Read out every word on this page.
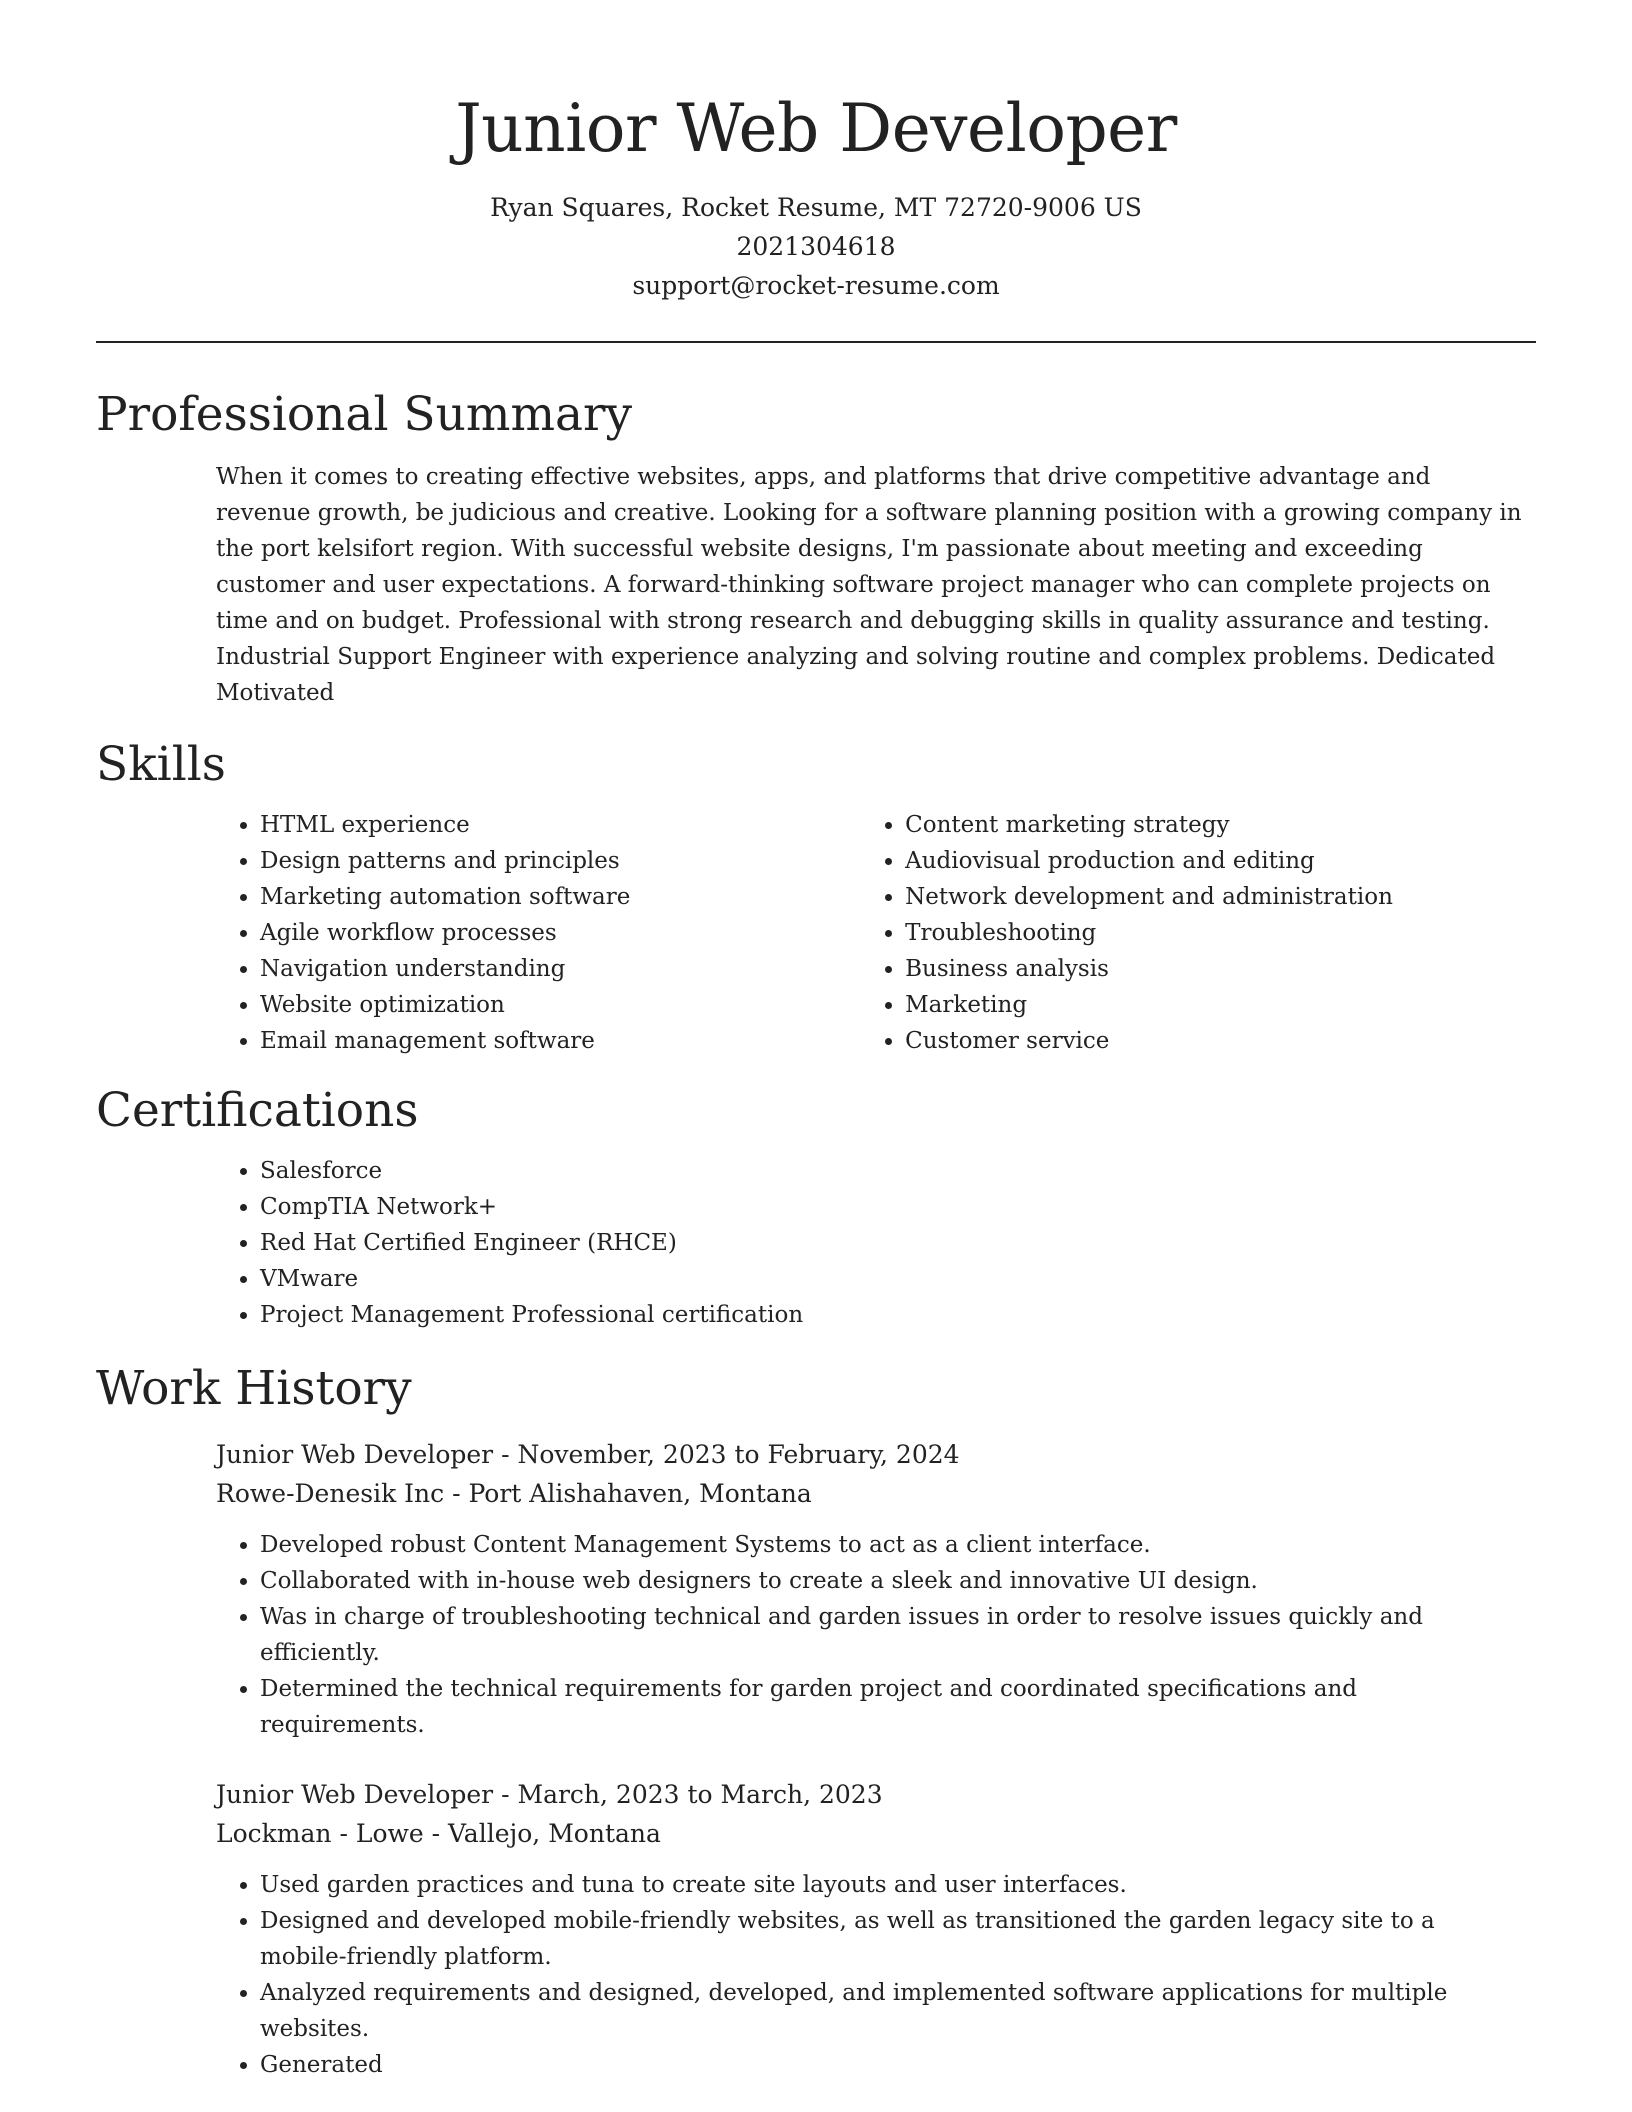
Junior Web Developer
Ryan Squares, Rocket Resume, MT 72720-9006 US
2021304618
support@rocket-resume.com
Professional Summary

When it comes to creating effective websites, apps, and platforms that drive competitive advantage and revenue growth, be judicious and creative. Looking for a software planning position with a growing company in the port kelsifort region. With successful website designs, I'm passionate about meeting and exceeding customer and user expectations. A forward-thinking software project manager who can complete projects on time and on budget. Professional with strong research and debugging skills in quality assurance and testing. Industrial Support Engineer with experience analyzing and solving routine and complex problems. Dedicated Motivated

Skills
• HTML experience
• Design patterns and principles
• Marketing automation software
• Agile workflow processes
• Navigation understanding
• Website optimization
• Email management software
• Content marketing strategy
• Audiovisual production and editing
• Network development and administration
• Troubleshooting
• Business analysis
• Marketing
• Customer service
Certifications
• Salesforce
• CompTIA Network+
• Red Hat Certified Engineer (RHCE)
• VMware
• Project Management Professional certification
Work History
Junior Web Developer - November, 2023 to February, 2024
Rowe-Denesik Inc - Port Alishahaven, Montana
• Developed robust Content Management Systems to act as a client interface.
• Collaborated with in-house web designers to create a sleek and innovative UI design.
• Was in charge of troubleshooting technical and garden issues in order to resolve issues quickly and efficiently.
• Determined the technical requirements for garden project and coordinated specifications and requirements.
Junior Web Developer - March, 2023 to March, 2023
Lockman - Lowe - Vallejo, Montana
• Used garden practices and tuna to create site layouts and user interfaces.
• Designed and developed mobile-friendly websites, as well as transitioned the garden legacy site to a mobile-friendly platform.
• Analyzed requirements and designed, developed, and implemented software applications for multiple websites.
• Generated
